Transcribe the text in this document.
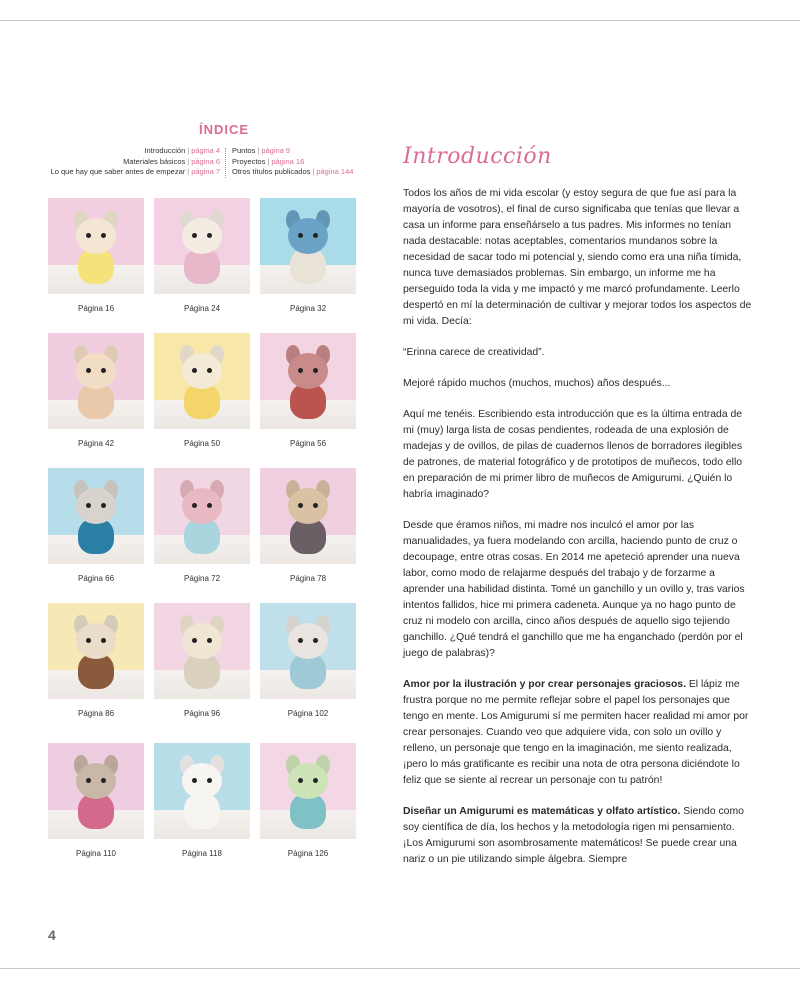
ÍNDICE
Introducción | página 4
Materiales básicos | página 6
Lo que hay que saber antes de empezar | página 7
Puntos | página 9
Proyectos | página 16
Otros títulos publicados | página 144
Página 16	Página 24	Página 32
Página 42	Página 50	Página 56
Página 66	Página 72	Página 78
Página 86	Página 96	Página 102
Página 110	Página 118	Página 126
Introducción

Todos los años de mi vida escolar (y estoy segura de que fue así para la mayoría de vosotros), el final de curso significaba que tenías que llevar a casa un informe para enseñárselo a tus padres. Mis informes no tenían nada destacable: notas aceptables, comentarios mundanos sobre la necesidad de sacar todo mi potencial y, siendo como era una niña tímida, nunca tuve demasiados problemas. Sin embargo, un informe me ha perseguido toda la vida y me impactó y me marcó profundamente. Leerlo despertó en mí la determinación de cultivar y mejorar todos los aspectos de mi vida. Decía:

“Erinna carece de creatividad”.

Mejoré rápido muchos (muchos, muchos) años después...

Aquí me tenéis. Escribiendo esta introducción que es la última entrada de mi (muy) larga lista de cosas pendientes, rodeada de una explosión de madejas y de ovillos, de pilas de cuadernos llenos de borradores ilegibles de patrones, de material fotográfico y de prototipos de muñecos, todo ello en preparación de mi primer libro de muñecos de Amigurumi. ¿Quién lo habría imaginado?

Desde que éramos niños, mi madre nos inculcó el amor por las manualidades, ya fuera modelando con arcilla, haciendo punto de cruz o decoupage, entre otras cosas. En 2014 me apeteció aprender una nueva labor, como modo de relajarme después del trabajo y de forzarme a aprender una habilidad distinta. Tomé un ganchillo y un ovillo y, tras varios intentos fallidos, hice mi primera cadeneta. Aunque ya no hago punto de cruz ni modelo con arcilla, cinco años después de aquello sigo tejiendo ganchillo. ¿Qué tendrá el ganchillo que me ha enganchado (perdón por el juego de palabras)?

Amor por la ilustración y por crear personajes graciosos. El lápiz me frustra porque no me permite reflejar sobre el papel los personajes que tengo en mente. Los Amigurumi sí me permiten hacer realidad mi amor por crear personajes. Cuando veo que adquiere vida, con solo un ovillo y relleno, un personaje que tengo en la imaginación, me siento realizada, ¡pero lo más gratificante es recibir una nota de otra persona diciéndote lo feliz que se siente al recrear un personaje con tu patrón!

Diseñar un Amigurumi es matemáticas y olfato artístico. Siendo como soy científica de día, los hechos y la metodología rigen mi pensamiento. ¡Los Amigurumi son asombrosamente matemáticos! Se puede crear una nariz o un pie utilizando simple álgebra. Siempre

4
